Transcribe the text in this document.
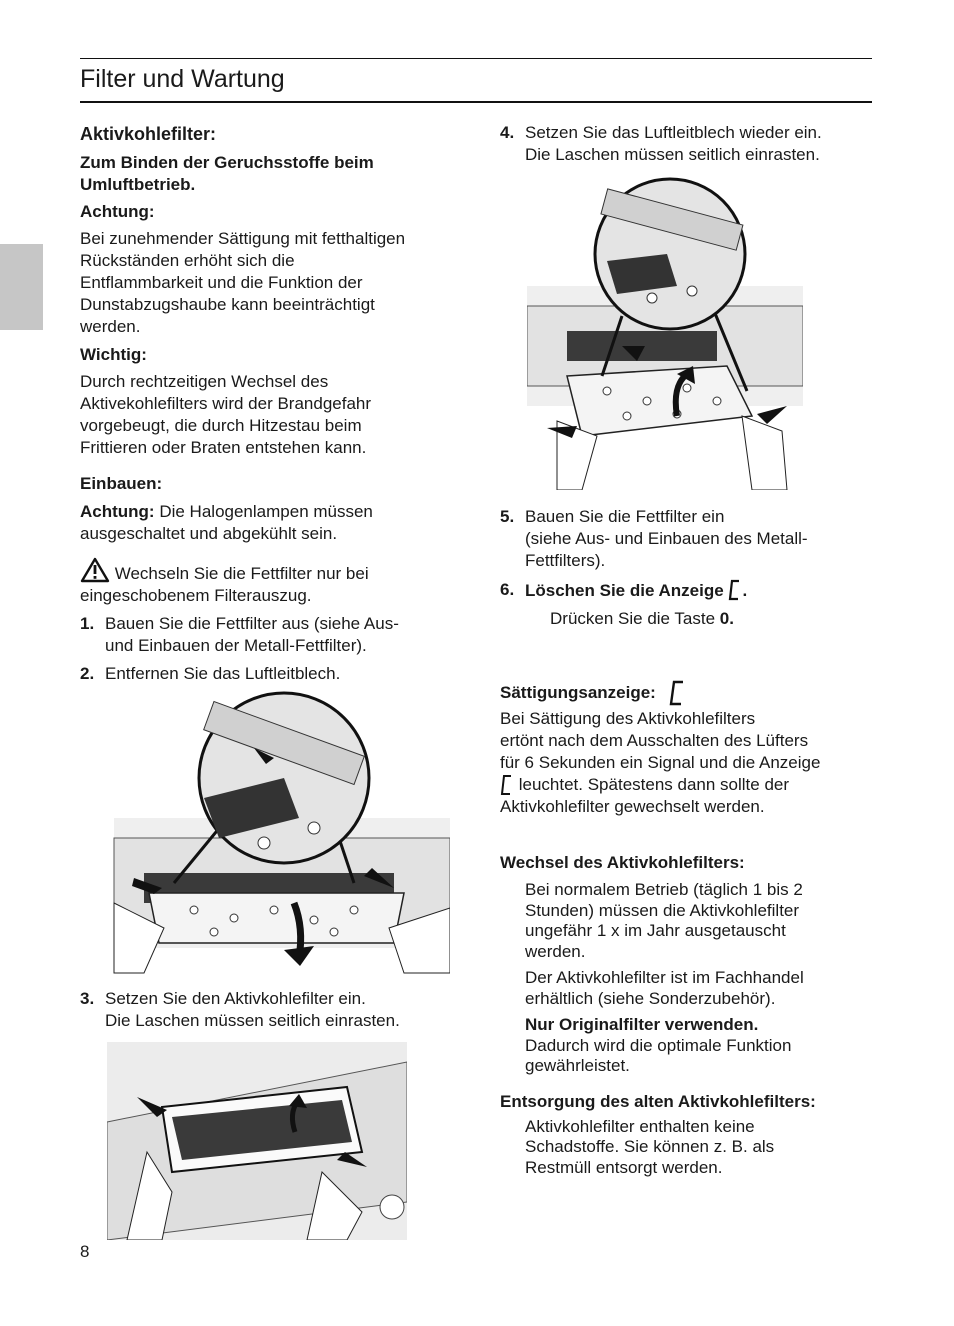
Filter und Wartung
Aktivkohlefilter:
Zum Binden der Geruchsstoffe beim Umluftbetrieb.
Achtung:
Bei zunehmender Sättigung mit fetthaltigen
Rückständen erhöht sich die
Entflammbarkeit und die Funktion der
Dunstabzugshaube kann beeinträchtigt
werden.
Wichtig:
Durch rechtzeitigen Wechsel des
Aktivekohlefilters wird der Brandgefahr
vorgebeugt, die durch Hitzestau beim
Frittieren oder Braten entstehen kann.
Einbauen:
Achtung: Die Halogenlampen müssen
ausgeschaltet und abgekühlt sein.
Wechseln Sie die Fettfilter nur bei
eingeschobenem Filterauszug.
1. Bauen Sie die Fettfilter aus (siehe Aus-
und Einbauen der Metall-Fettfilter).
2. Entfernen Sie das Luftleitblech.
3. Setzen Sie den Aktivkohlefilter ein.
Die Laschen müssen seitlich einrasten.
4. Setzen Sie das Luftleitblech wieder ein.
Die Laschen müssen seitlich einrasten.
5. Bauen Sie die Fettfilter ein
(siehe Aus- und Einbauen des Metall-
Fettfilters).
6. Löschen Sie die Anzeige .
Drücken Sie die Taste 0.
Sättigungsanzeige:
Bei Sättigung des Aktivkohlefilters
ertönt nach dem Ausschalten des Lüfters
für 6 Sekunden ein Signal und die Anzeige
leuchtet. Spätestens dann sollte der
Aktivkohlefilter gewechselt werden.
Wechsel des Aktivkohlefilters:
Bei normalem Betrieb (täglich 1 bis 2
Stunden) müssen die Aktivkohlefilter
ungefähr 1 x im Jahr ausgetauscht
werden.
Der Aktivkohlefilter ist im Fachhandel
erhältlich (siehe Sonderzubehör).
Nur Originalfilter verwenden.
Dadurch wird die optimale Funktion
gewährleistet.
Entsorgung des alten Aktivkohlefilters:
Aktivkohlefilter enthalten keine
Schadstoffe. Sie können z. B. als
Restmüll entsorgt werden.
8
